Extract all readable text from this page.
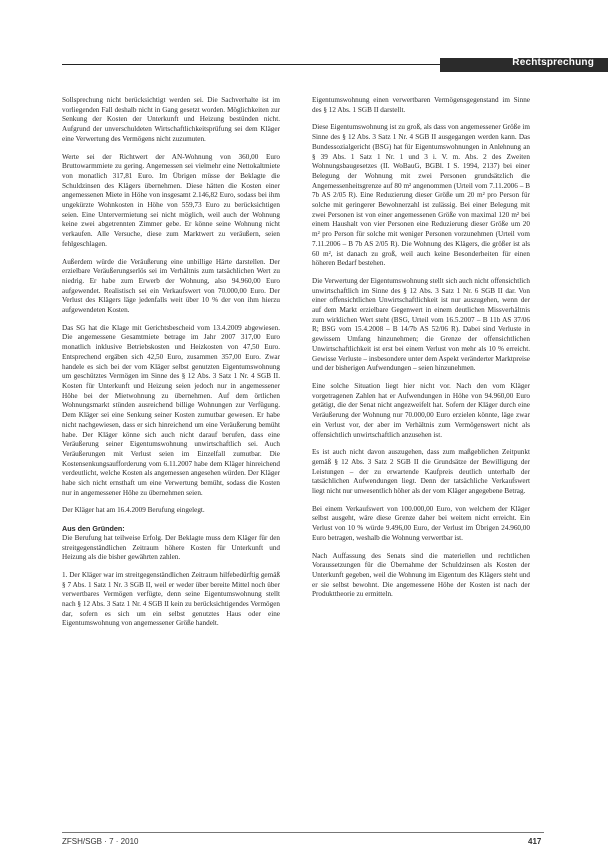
Rechtsprechung

Sollsprechung nicht berücksichtigt werden sei. Die Sachverhalte ist im vorliegenden Fall deshalb nicht in Gang gesetzt worden. Möglichkeiten zur Senkung der Kosten der Unterkunft und Heizung bestünden nicht. Aufgrund der unverschuldeten Wirtschaftlichkeitsprüfung sei dem Kläger eine Verwertung des Vermögens nicht zuzumuten.

Werte sei der Richtwert der AN-Wohnung von 360,00 Euro Bruttowarmmiete zu gering. Angemessen sei vielmehr eine Nettokaltmiete von monatlich 317,81 Euro. Im Übrigen müsse der Beklagte die Schuldzinsen des Klägers übernehmen. Diese hätten die Kosten einer angemessenen Miete in Höhe von insgesamt 2.146,82 Euro, sodass bei ihm ungekürzte Wohnkosten in Höhe von 559,73 Euro zu berücksichtigen seien. Eine Untervermietung sei nicht möglich, weil auch der Wohnung keine zwei abgetrennten Zimmer gebe. Er könne seine Wohnung nicht verkaufen. Alle Versuche, diese zum Marktwert zu veräußern, seien fehlgeschlagen.

Außerdem würde die Veräußerung eine unbillige Härte darstellen. Der erzielbare Veräußerungserlös sei im Verhältnis zum tatsächlichen Wert zu niedrig. Er habe zum Erwerb der Wohnung, also 94.960,00 Euro aufgewendet. Realistisch sei ein Verkaufswert von 70.000,00 Euro. Der Verlust des Klägers läge jedenfalls weit über 10 % der von ihm hierzu aufgewendeten Kosten.

Das SG hat die Klage mit Gerichtsbescheid vom 13.4.2009 abgewiesen. Die angemessene Gesamtmiete betrage im Jahr 2007 317,00 Euro monatlich inklusive Betriebskosten und Heizkosten von 47,50 Euro. Entsprechend ergäben sich 42,50 Euro, zusammen 357,00 Euro. Zwar handele es sich bei der vom Kläger selbst genutzten Eigentumswohnung um geschütztes Vermögen im Sinne des § 12 Abs. 3 Satz 1 Nr. 4 SGB II. Kosten für Unterkunft und Heizung seien jedoch nur in angemessener Höhe bei der Mietwohnung zu übernehmen. Auf dem örtlichen Wohnungsmarkt stünden ausreichend billige Wohnungen zur Verfügung. Dem Kläger sei eine Senkung seiner Kosten zumutbar gewesen. Er habe nicht nachgewiesen, dass er sich hinreichend um eine Veräußerung bemüht habe. Der Kläger könne sich auch nicht darauf berufen, dass eine Veräußerung seiner Eigentumswohnung unwirtschaftlich sei. Auch Veräußerungen mit Verlust seien im Einzelfall zumutbar. Die Kostensenkungsaufforderung vom 6.11.2007 habe dem Kläger hinreichend verdeutlicht, welche Kosten als angemessen angesehen würden. Der Kläger habe sich nicht ernsthaft um eine Verwertung bemüht, sodass die Kosten nur in angemessener Höhe zu übernehmen seien.

Der Kläger hat am 16.4.2009 Berufung eingelegt.

Aus den Gründen:

Die Berufung hat teilweise Erfolg. Der Beklagte muss dem Kläger für den streitgegenständlichen Zeitraum höhere Kosten für Unterkunft und Heizung als die bisher gewährten zahlen.

1. Der Kläger war im streitgegenständlichen Zeitraum hilfebedürftig gemäß § 7 Abs. 1 Satz 1 Nr. 3 SGB II, weil er weder über bereite Mittel noch über verwertbares Vermögen verfügte, denn seine Eigentumswohnung stellt nach § 12 Abs. 3 Satz 1 Nr. 4 SGB II kein zu berücksichtigendes Vermögen dar, sofern es sich um ein selbst genutztes Haus oder eine Eigentumswohnung von angemessener Größe handelt.

Eigentumswohnung einen verwertbaren Vermögensgegenstand im Sinne des § 12 Abs. 1 SGB II darstellt.

Diese Eigentumswohnung ist zu groß, als dass von angemessener Größe im Sinne des § 12 Abs. 3 Satz 1 Nr. 4 SGB II ausgegangen werden kann. Das Bundessozialgericht (BSG) hat für Eigentumswohnungen in Anlehnung an § 39 Abs. 1 Satz 1 Nr. 1 und 3 i. V. m. Abs. 2 des Zweiten Wohnungsbaugesetzes (II. WoBauG, BGBl. I S. 1994, 2137) bei einer Belegung der Wohnung mit zwei Personen grundsätzlich die Angemessenheitsgrenze auf 80 m² angenommen (Urteil vom 7.11.2006 – B 7b AS 2/05 R). Eine Reduzierung dieser Größe um 20 m² pro Person für solche mit geringerer Bewohnerzahl ist zulässig. Bei einer Belegung mit zwei Personen ist von einer angemessenen Größe von maximal 120 m² bei einem Haushalt von vier Personen eine Reduzierung dieser Größe um 20 m² pro Person für solche mit weniger Personen vorzunehmen (Urteil vom 7.11.2006 – B 7b AS 2/05 R). Die Wohnung des Klägers, die größer ist als 60 m², ist danach zu groß, weil auch keine Besonderheiten für einen höheren Bedarf bestehen.

Die Verwertung der Eigentumswohnung stellt sich auch nicht offensichtlich unwirtschaftlich im Sinne des § 12 Abs. 3 Satz 1 Nr. 6 SGB II dar. Von einer offensichtlichen Unwirtschaftlichkeit ist nur auszugehen, wenn der auf dem Markt erzielbare Gegenwert in einem deutlichen Missverhältnis zum wirklichen Wert steht (BSG, Urteil vom 16.5.2007 – B 11b AS 37/06 R; BSG vom 15.4.2008 – B 14/7b AS 52/06 R). Dabei sind Verluste in gewissem Umfang hinzunehmen; die Grenze der offensichtlichen Unwirtschaftlichkeit ist erst bei einem Verlust von mehr als 10 % erreicht. Gewisse Verluste – insbesondere unter dem Aspekt veränderter Marktpreise und der bisherigen Aufwendungen – seien hinzunehmen.

Eine solche Situation liegt hier nicht vor. Nach den vom Kläger vorgetragenen Zahlen hat er Aufwendungen in Höhe von 94.960,00 Euro getätigt, die der Senat nicht angezweifelt hat. Sofern der Kläger durch eine Veräußerung der Wohnung nur 70.000,00 Euro erzielen könnte, läge zwar ein Verlust vor, der aber im Verhältnis zum Vermögenswert nicht als offensichtlich unwirtschaftlich anzusehen ist.

Es ist auch nicht davon auszugehen, dass zum maßgeblichen Zeitpunkt gemäß § 12 Abs. 3 Satz 2 SGB II die Grundsätze der Bewilligung der Leistungen – der zu erwartende Kaufpreis deutlich unterhalb der tatsächlichen Aufwendungen liegt. Denn der tatsächliche Verkaufswert liegt nicht nur unwesentlich höher als der vom Kläger angegebene Betrag.

Bei einem Verkaufswert von 100.000,00 Euro, von welchem der Kläger selbst ausgeht, wäre diese Grenze daher bei weitem nicht erreicht. Ein Verlust von 10 % würde 9.496,00 Euro, der Verlust im Übrigen 24.960,00 Euro betragen, weshalb die Wohnung verwertbar ist.

Nach Auffassung des Senats sind die materiellen und rechtlichen Voraussetzungen für die Übernahme der Schuldzinsen als Kosten der Unterkunft gegeben, weil die Wohnung im Eigentum des Klägers steht und er sie selbst bewohnt. Die angemessene Höhe der Kosten ist nach der Produkttheorie zu ermitteln.

ZFSH/SGB · 7 · 2010	417
